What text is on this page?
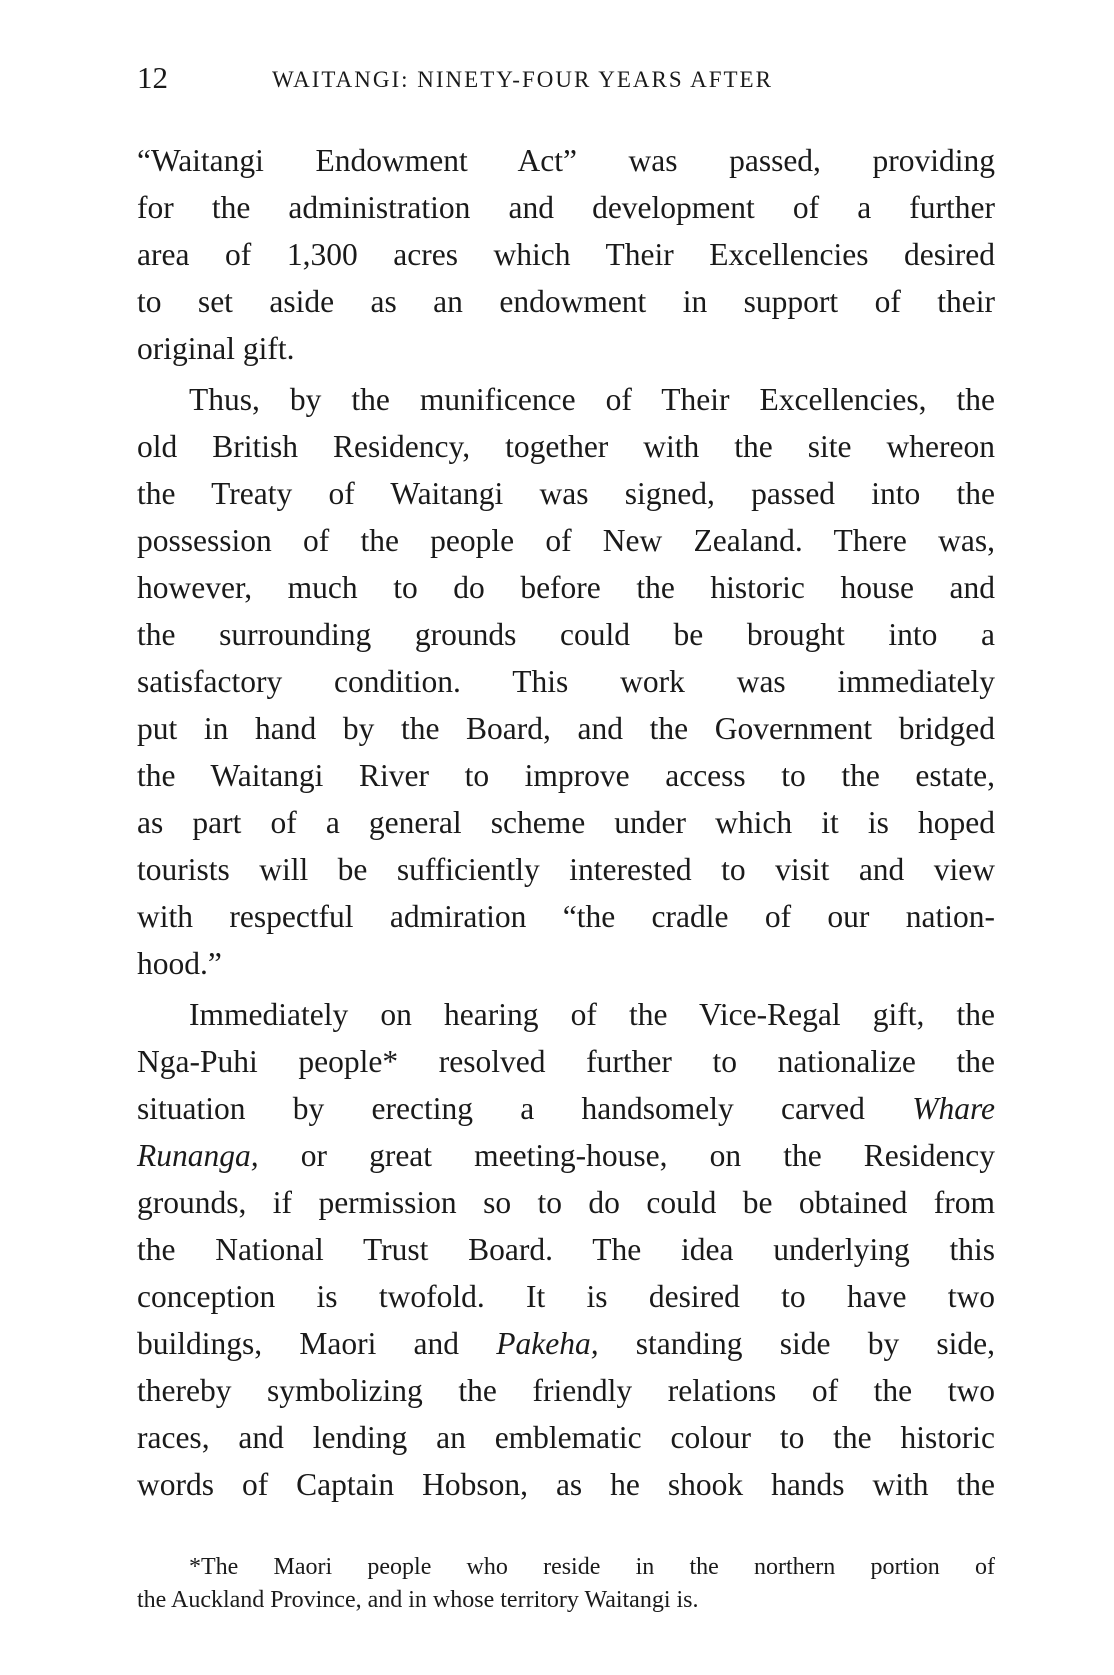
12	WAITANGI: NINETY-FOUR YEARS AFTER
“Waitangi Endowment Act” was passed, providing
for the administration and development of a further
area of 1,300 acres which Their Excellencies desired
to set aside as an endowment in support of their
original gift.
Thus, by the munificence of Their Excellencies, the
old British Residency, together with the site whereon
the Treaty of Waitangi was signed, passed into the
possession of the people of New Zealand. There was,
however, much to do before the historic house and
the surrounding grounds could be brought into a
satisfactory condition. This work was immediately
put in hand by the Board, and the Government bridged
the Waitangi River to improve access to the estate,
as part of a general scheme under which it is hoped
tourists will be sufficiently interested to visit and view
with respectful admiration “the cradle of our nation-
hood.”
Immediately on hearing of the Vice-Regal gift, the
Nga-Puhi people* resolved further to nationalize the
situation by erecting a handsomely carved Whare
Runanga, or great meeting-house, on the Residency
grounds, if permission so to do could be obtained from
the National Trust Board. The idea underlying this
conception is twofold. It is desired to have two
buildings, Maori and Pakeha, standing side by side,
thereby symbolizing the friendly relations of the two
races, and lending an emblematic colour to the historic
words of Captain Hobson, as he shook hands with the
*The Maori people who reside in the northern portion of
the Auckland Province, and in whose territory Waitangi is.
